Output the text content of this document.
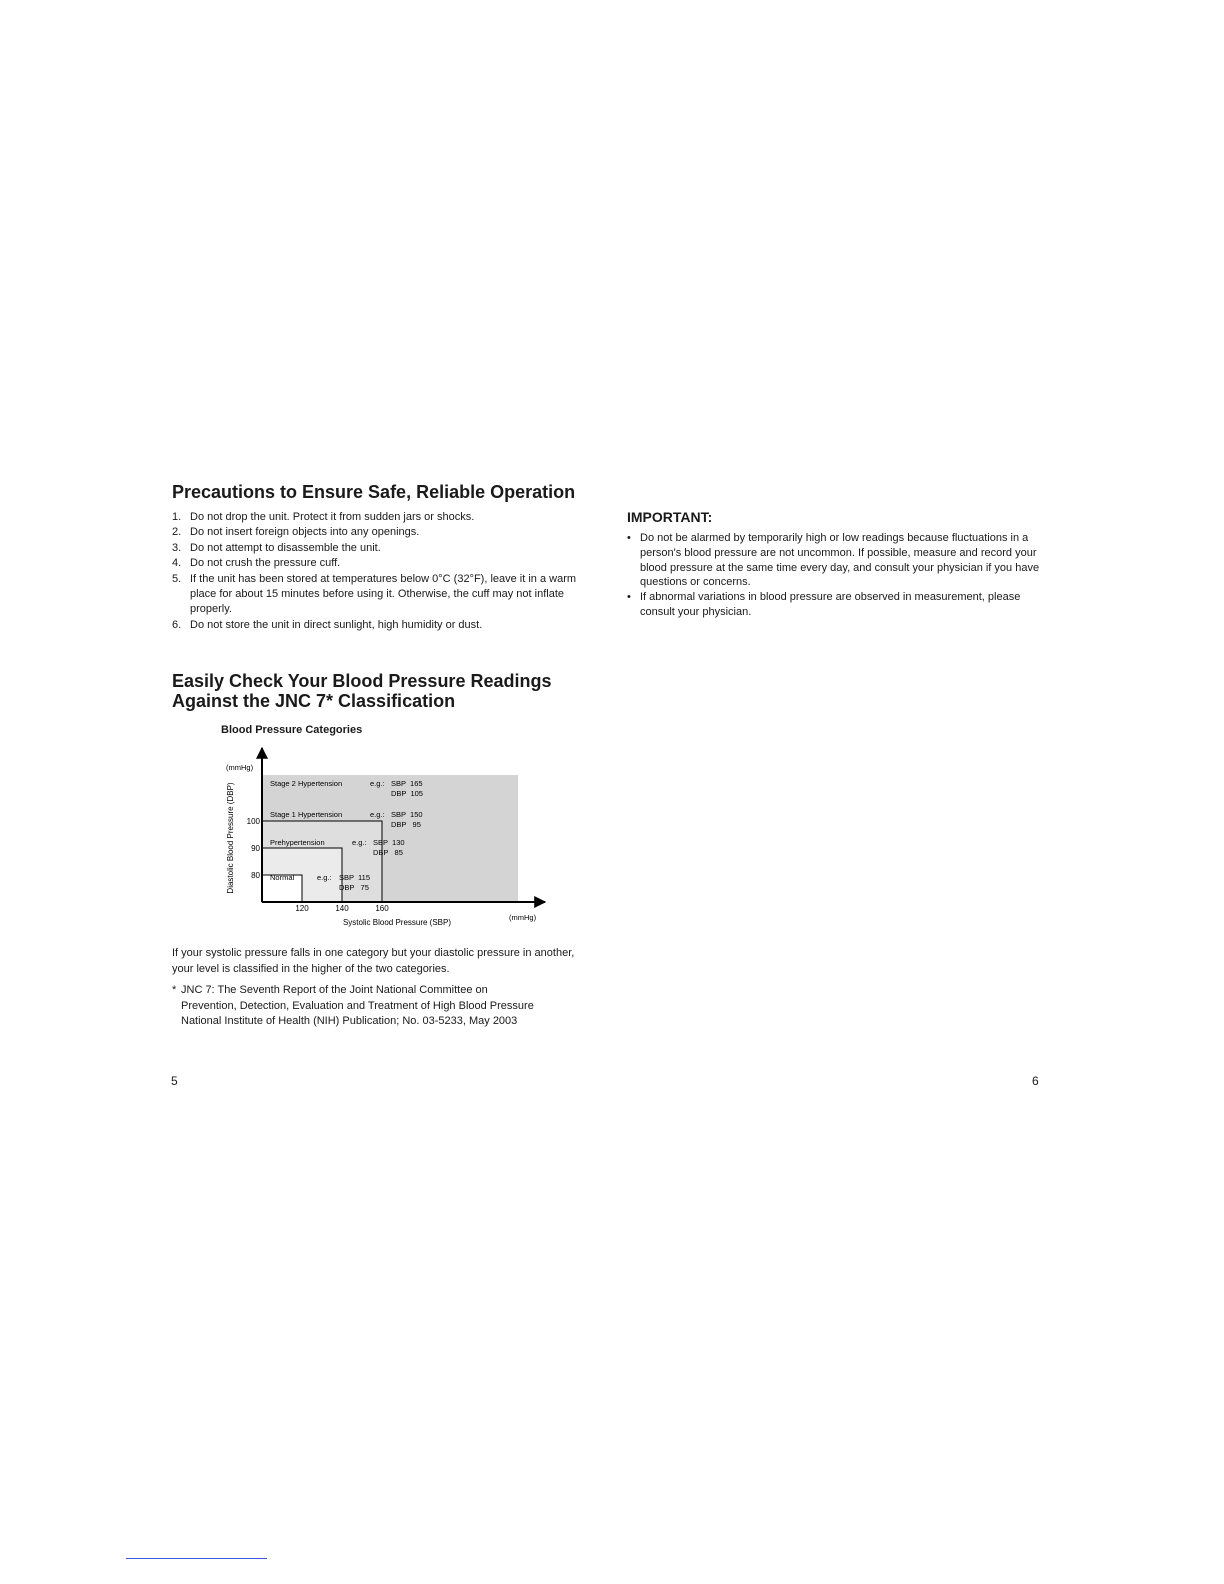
Precautions to Ensure Safe, Reliable Operation
1. Do not drop the unit. Protect it from sudden jars or shocks.
2. Do not insert foreign objects into any openings.
3. Do not attempt to disassemble the unit.
4. Do not crush the pressure cuff.
5. If the unit has been stored at temperatures below 0°C (32°F), leave it in a warm place for about 15 minutes before using it. Otherwise, the cuff may not inflate properly.
6. Do not store the unit in direct sunlight, high humidity or dust.
Easily Check Your Blood Pressure Readings
Against the JNC 7* Classification
Blood Pressure Categories
(mmHg)
(mmHg)
Diastolic Blood Pressure (DBP)
Systolic Blood Pressure (SBP)
100
90
80
120	140	160
Stage 2 Hypertension	e.g.: SBP  165
DBP  105
Stage 1 Hypertension	e.g.: SBP  150
DBP   95
Prehypertension	e.g.: SBP  130
DBP   85
Normal	e.g.: SBP  115
DBP   75

If your systolic pressure falls in one category but your diastolic pressure in another, your level is classified in the higher of the two categories.

* JNC 7: The Seventh Report of the Joint National Committee on
Prevention, Detection, Evaluation and Treatment of High Blood Pressure
National Institute of Health (NIH) Publication; No. 03-5233, May 2003
5
IMPORTANT:
• Do not be alarmed by temporarily high or low readings because fluctuations in a person's blood pressure are not uncommon. If possible, measure and record your blood pressure at the same time every day, and consult your physician if you have questions or concerns.
• If abnormal variations in blood pressure are observed in measurement, please consult your physician.
6
